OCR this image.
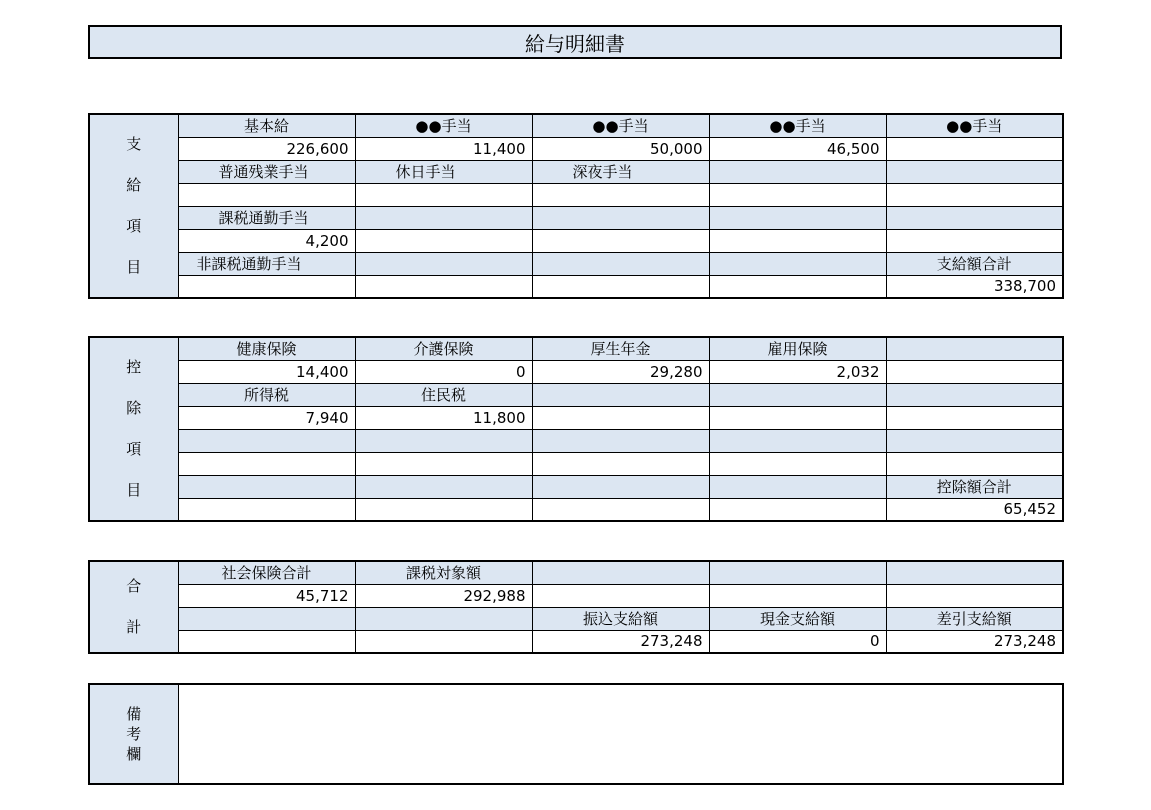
給与明細書
支
給
項
目	基本給	●●手当	●●手当	●●手当	●●手当
	226,600	11,400	50,000	46,500	
	普通残業手当	休日手当	深夜手当		

	課税通勤手当				
	4,200				
	非課税通勤手当				支給額合計
					338,700
控
除
項
目	健康保険	介護保険	厚生年金	雇用保険	
	14,400	0	29,280	2,032	
	所得税	住民税			
	7,940	11,800			

					控除額合計
					65,452
合
計	社会保険合計	課税対象額			
	45,712	292,988			
			振込支給額	現金支給額	差引支給額
			273,248	0	273,248
備
考
欄
